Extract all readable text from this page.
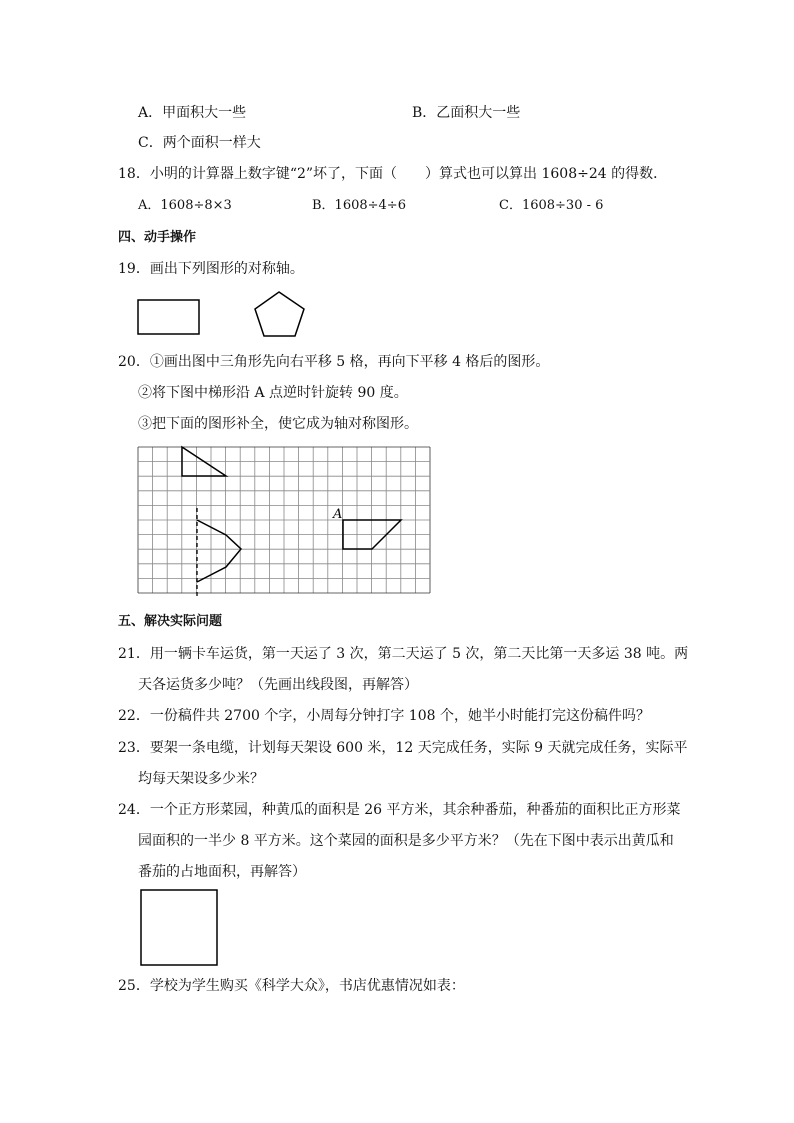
A．甲面积大一些	B．乙面积大一些
C．两个面积一样大
18．小明的计算器上数字键“2”坏了，下面（　　）算式也可以算出 1608÷24 的得数．
A．1608÷8×3	B．1608÷4÷6	C．1608÷30 - 6
四、动手操作
19．画出下列图形的对称轴。
20．①画出图中三角形先向右平移 5 格，再向下平移 4 格后的图形。
②将下图中梯形沿 A 点逆时针旋转 90 度。
③把下面的图形补全，使它成为轴对称图形。
A
五、解决实际问题
21．用一辆卡车运货，第一天运了 3 次，第二天运了 5 次，第二天比第一天多运 38 吨。两
天各运货多少吨？（先画出线段图，再解答）
22．一份稿件共 2700 个字，小周每分钟打字 108 个，她半小时能打完这份稿件吗？
23．要架一条电缆，计划每天架设 600 米，12 天完成任务，实际 9 天就完成任务，实际平
均每天架设多少米？
24．一个正方形菜园，种黄瓜的面积是 26 平方米，其余种番茄，种番茄的面积比正方形菜
园面积的一半少 8 平方米。这个菜园的面积是多少平方米？（先在下图中表示出黄瓜和
番茄的占地面积，再解答）
25．学校为学生购买《科学大众》，书店优惠情况如表：
